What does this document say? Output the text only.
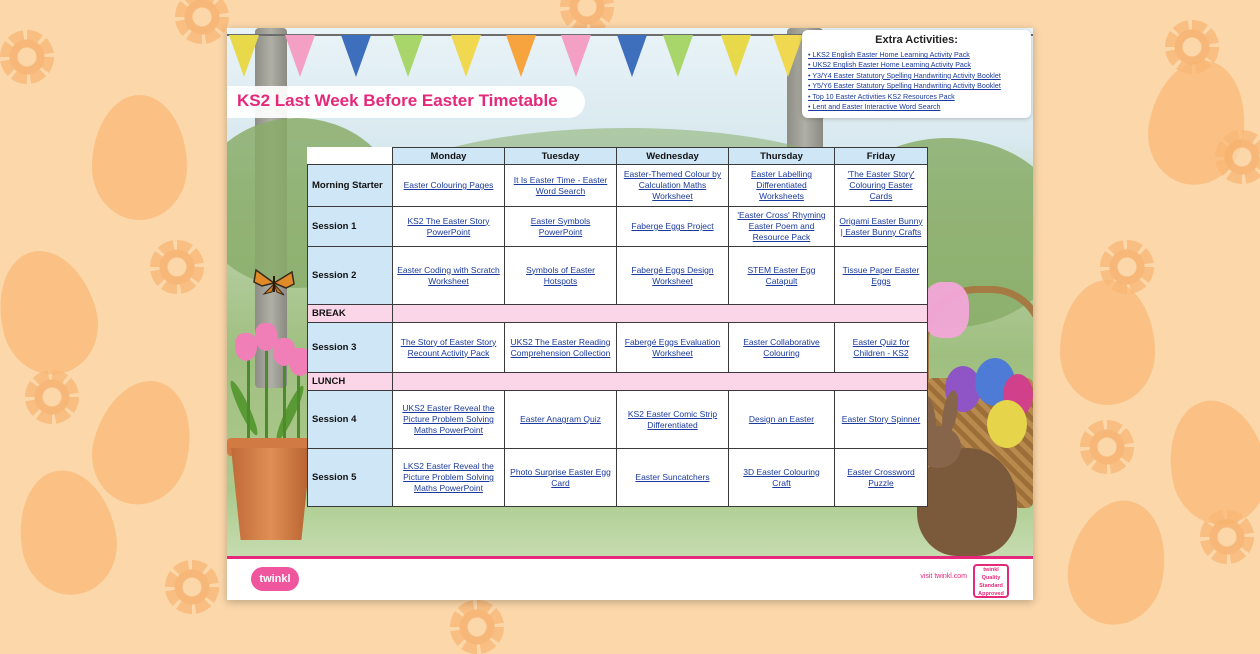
KS2 Last Week Before Easter Timetable
Extra Activities:
• LKS2 English Easter Home Learning Activity Pack
• UKS2 English Easter Home Learning Activity Pack
• Y3/Y4 Easter Statutory Spelling Handwriting Activity Booklet
• Y5/Y6 Easter Statutory Spelling Handwriting Activity Booklet
• Top 10 Easter Activities KS2 Resources Pack
• Lent and Easter Interactive Word Search
	Monday	Tuesday	Wednesday	Thursday	Friday
Morning Starter	Easter Colouring Pages	It Is Easter Time - Easter Word Search	Easter-Themed Colour by Calculation Maths Worksheet	Easter Labelling Differentiated Worksheets	'The Easter Story' Colouring Easter Cards
Session 1	KS2 The Easter Story PowerPoint	Easter Symbols PowerPoint	Faberge Eggs Project	'Easter Cross' Rhyming Easter Poem and Resource Pack	Origami Easter Bunny | Easter Bunny Crafts
Session 2	Easter Coding with Scratch Worksheet	Symbols of Easter Hotspots	Fabergé Eggs Design Worksheet	STEM Easter Egg Catapult	Tissue Paper Easter Eggs
BREAK					
Session 3	The Story of Easter Story Recount Activity Pack	UKS2 The Easter Reading Comprehension Collection	Fabergé Eggs Evaluation Worksheet	Easter Collaborative Colouring	Easter Quiz for Children - KS2
LUNCH					
Session 4	UKS2 Easter Reveal the Picture Problem Solving Maths PowerPoint	Easter Anagram Quiz	KS2 Easter Comic Strip Differentiated	Design an Easter	Easter Story Spinner
Session 5	LKS2 Easter Reveal the Picture Problem Solving Maths PowerPoint	Photo Surprise Easter Egg Card	Easter Suncatchers	3D Easter Colouring Craft	Easter Crossword Puzzle
twinkl	visit twinkl.com
twinkl Quality Standard Approved
